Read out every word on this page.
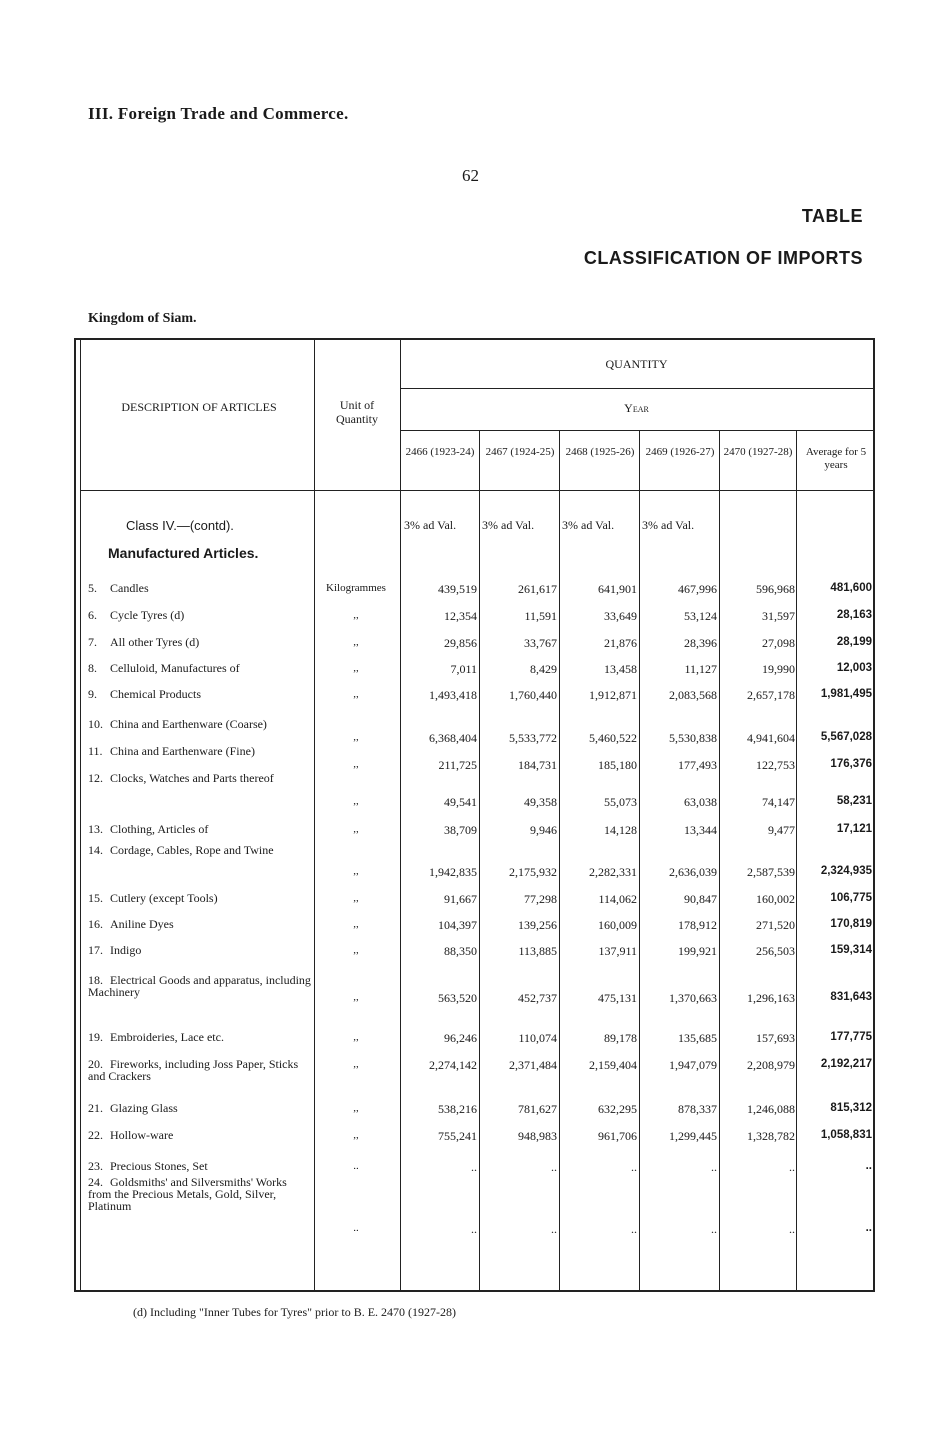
III. Foreign Trade and Commerce.
62
TABLE
CLASSIFICATION OF IMPORTS
Kingdom of Siam.
DESCRIPTION OF ARTICLES	Unit of Quantity
QUANTITY
Year
2466 (1923-24) 2467 (1924-25) 2468 (1925-26) 2469 (1926-27) 2470 (1927-28)	Average for 5 years
Class IV.—(contd).
Manufactured Articles.
3% ad Val. 3% ad Val. 3% ad Val. 3% ad Val.
5. Candles	Kilogrammes	439,519	261,617	641,901	467,996	596,968	481,600
6. Cycle Tyres (d)	,,	12,354	11,591	33,649	53,124	31,597	28,163
7. All other Tyres (d)	,,	29,856	33,767	21,876	28,396	27,098	28,199
8. Celluloid, Manufactures of	,,	7,011	8,429	13,458	11,127	19,990	12,003
9. Chemical Products	,,	1,493,418	1,760,440	1,912,871	2,083,568	2,657,178	1,981,495
10. China and Earthenware (Coarse)
,,	6,368,404	5,533,772	5,460,522	5,530,838	4,941,604	5,567,028
11. China and Earthenware (Fine)
,,	211,725	184,731	185,180	177,493	122,753	176,376
12. Clocks, Watches and Parts thereof
,,	49,541	49,358	55,073	63,038	74,147	58,231
13. Clothing, Articles of	,,	38,709	9,946	14,128	13,344	9,477	17,121
14. Cordage, Cables, Rope and Twine
,,	1,942,835	2,175,932	2,282,331	2,636,039	2,587,539	2,324,935
15. Cutlery (except Tools)	,,	91,667	77,298	114,062	90,847	160,002	106,775
16. Aniline Dyes	,,	104,397	139,256	160,009	178,912	271,520	170,819
17. Indigo	,,	88,350	113,885	137,911	199,921	256,503	159,314
18. Electrical Goods and apparatus, including Machinery	,,	563,520	452,737	475,131	1,370,663	1,296,163	831,643
19. Embroideries, Lace etc.	,,	96,246	110,074	89,178	135,685	157,693	177,775
20. Fireworks, including Joss Paper, Sticks and Crackers
,,	2,274,142	2,371,484	2,159,404	1,947,079	2,208,979	2,192,217
21. Glazing Glass	,,	538,216	781,627	632,295	878,337	1,246,088	815,312
22. Hollow-ware	,,	755,241	948,983	961,706	1,299,445	1,328,782	1,058,831
23. Precious Stones, Set	..	..	..	..	..	..	..
24. Goldsmiths' and Silversmiths' Works from the Precious Metals, Gold, Silver, Platinum
..	..	..	..	..	..	..
(d) Including "Inner Tubes for Tyres" prior to B. E. 2470 (1927-28)
